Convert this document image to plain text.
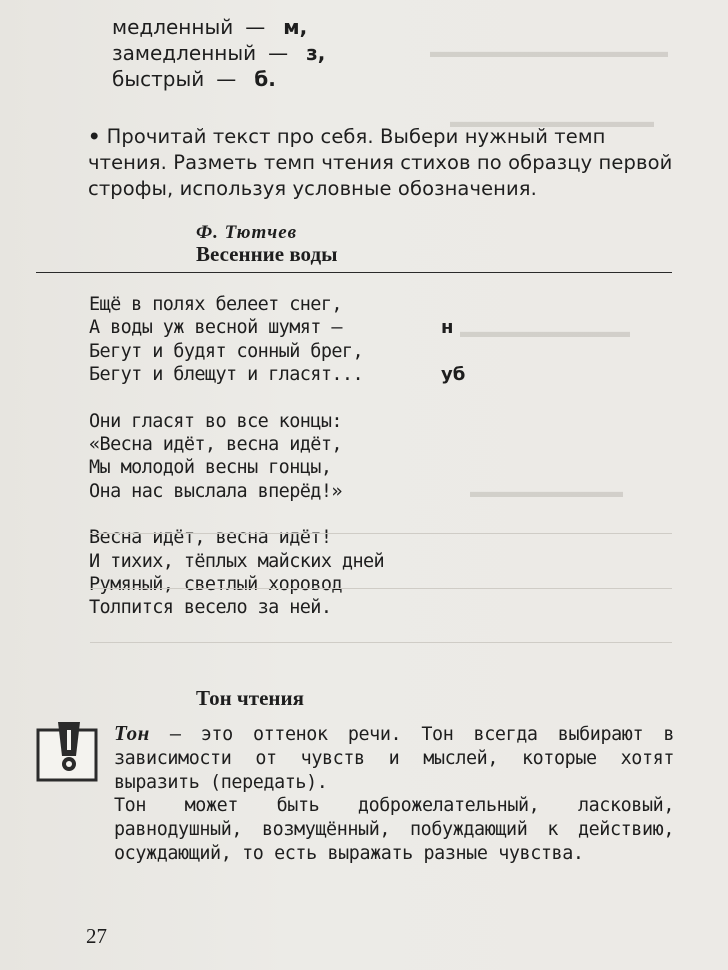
▬▬▬▬▬▬▬▬▬▬▬▬▬▬
▬▬▬▬▬▬▬▬▬▬▬▬
▬▬▬▬▬▬▬▬▬▬
▬▬▬▬▬▬▬▬▬
медленный — м,
замедленный — з,
быстрый — б.
• Прочитай текст про себя. Выбери нужный темп чтения. Разметь темп чтения стихов по образцу первой строфы, используя условные обозначения.
Ф. Тютчев
Весенние воды
Ещё в полях белеет снег,
А воды уж весной шумят —	н
Бегут и будят сонный брег,
Бегут и блещут и гласят...	уб
Они гласят во все концы:
«Весна идёт, весна идёт,
Мы молодой весны гонцы,
Она нас выслала вперёд!»
Весна идёт, весна идёт!
И тихих, тёплых майских дней
Румяный, светлый хоровод
Толпится весело за ней.
Тон чтения

Тон — это оттенок речи. Тон всегда выбирают в зависимости от чувств и мыслей, которые хотят выразить (передать).

Тон может быть доброжелательный, ласковый, равнодушный, возмущённый, побуждающий к действию, осуждающий, то есть выражать разные чувства.

27
